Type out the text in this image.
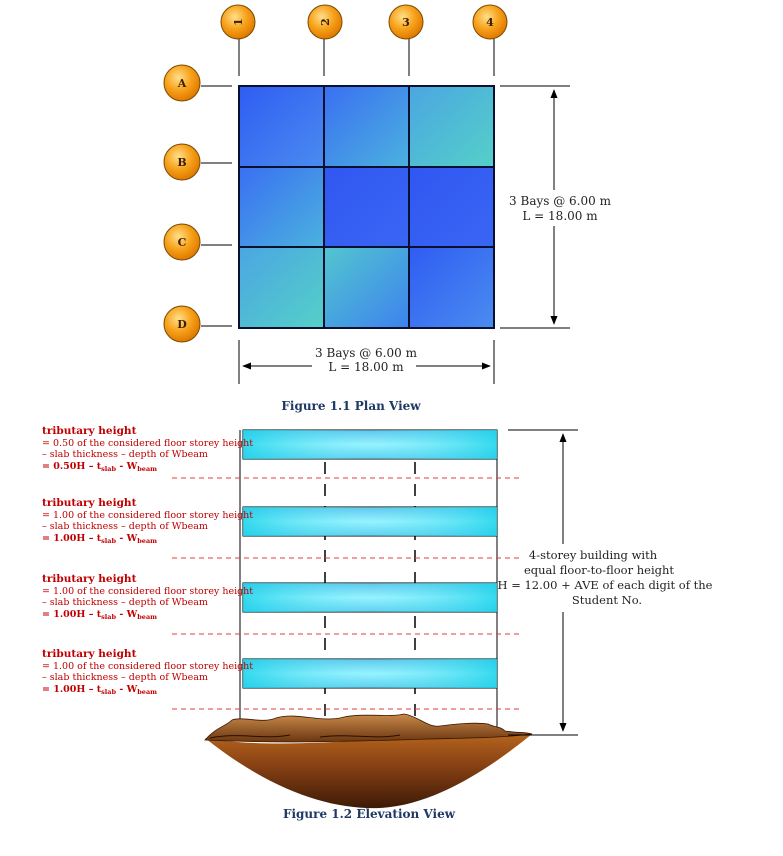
1	2	3	4
A
B
C
D
3 Bays @ 6.00 m
L = 18.00 m
3 Bays @ 6.00 m
L = 18.00 m
Figure 1.1 Plan View
4-storey building with
equal floor-to-floor height
H = 12.00 + AVE of each digit of the
Student No.
tributary height
= 0.50 of the considered floor storey height
– slab thickness – depth of Wbeam
= $0.50H - t_{slab} - W_{beam}$
tributary height
= 1.00 of the considered floor storey height
– slab thickness – depth of Wbeam
= $1.00H - t_{slab} - W_{beam}$
tributary height
= 1.00 of the considered floor storey height
– slab thickness – depth of Wbeam
= $1.00H - t_{slab} - W_{beam}$
tributary height
= 1.00 of the considered floor storey height
– slab thickness – depth of Wbeam
= $1.00H - t_{slab} - W_{beam}$
Figure 1.2 Elevation View
